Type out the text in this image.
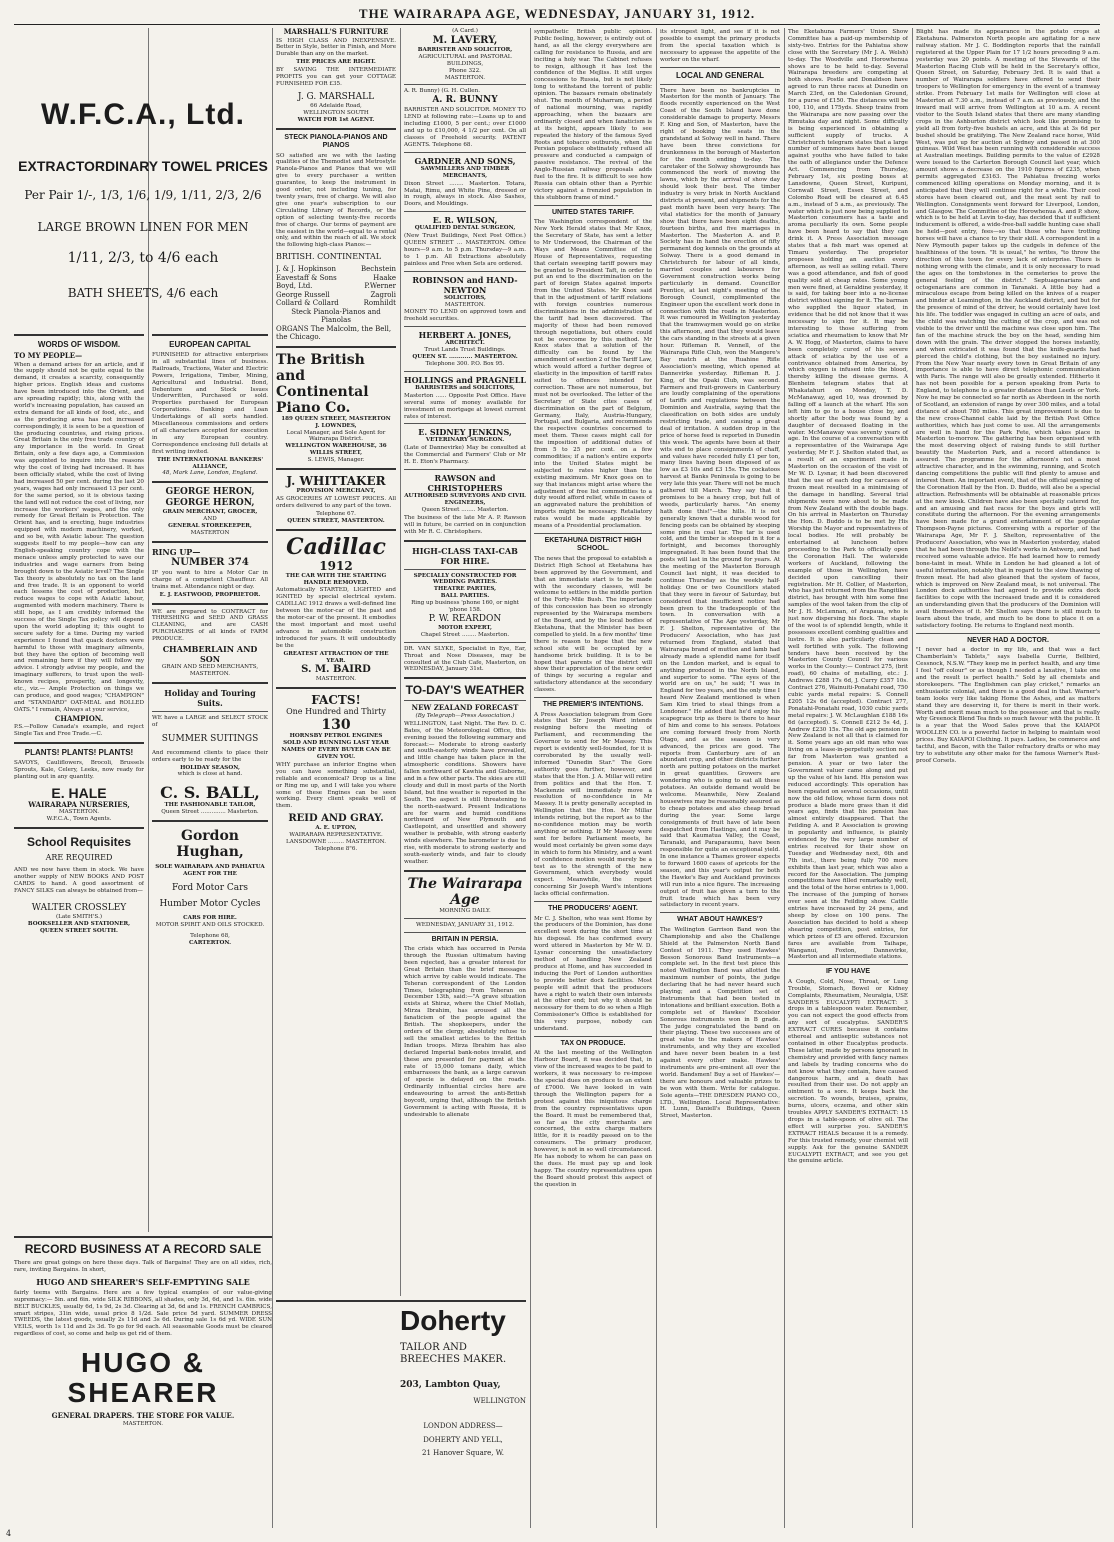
THE WAIRARAPA AGE, WEDNESDAY, JANUARY 31, 1912.
W.F.C.A., Ltd.
EXTRACTORDINARY TOWEL PRICES
Per Pair 1/-, 1/3, 1/6, 1/9, 1/11, 2/3, 2/6
LARGE BROWN LINEN FOR MEN
1/11, 2/3, to 4/6 each
BATH SHEETS, 4/6 each
WORDS OF WISDOM.
TO MY PEOPLE—
When a demand arises for an article, and if the supply should not be quite equal to the demand, it creates a scarcity, consequently higher prices. English ideas and customs have been introduced into the Orient, and are spreading rapidly; this, along with the world's increasing population, has caused an extra demand for all kinds of food, etc., and as the producing area has not increased correspondingly, it is seen to be a question of the producing countries, and rising prices. Great Britain is the only free trade country of any importance in the world. In Great Britain, only a few days ago, a Commission was appointed to inquire into the reasons why the cost of living had increased. It has been officially stated, while the cost of living had increased 50 per cent. during the last 20 years, wages had only increased 13 per cent. for the same period, so it is obvious taxing the land will not reduce the cost of living, nor increase the workers' wages, and the only remedy for Great Britain is Protection. The Orient has, and is erecting, huge industries equipped with modern machinery, worked, and so be, with Asiatic labour. The question suggests itself to my people—how can any English-speaking country cope with the menace unless amply protected to save our industries and wage earners from being brought down to the Asiatic level? The Single Tax theory is absolutely no tax on the land and free trade. It is an opponent to world each lessens the cost of production, but reduce wages to cope with Asiatic labour, augmented with modern machinery. There is still hope, as I am credibly informed the success of the Single Tax policy will depend upon the world adopting it; this ought to secure safety for a time. During my varied experience I found that quack doctors were harmful to those with imaginary ailments, but they have the option of becoming well and remaining here if they will follow my advice. I strongly advise my people, and the imaginary sufferers, to trust upon the well-known recipes, prosperity, and longevity, etc., viz.— Ample Protection on things we can produce, and good wages; "CHAMPION" and "STANDARD" OAT-MEAL and ROLLED OATS." I remain, Always at your service,
CHAMPION.
P.S.—Follow Canada's example, and reject Single Tax and Free Trade.—C.
PLANTS! PLANTS! PLANTS!
SAVOYS, Cauliflowers, Brocoli, Brussels Sprouts, Kale, Celery, Leeks, now ready for planting out in any quantity.
E. HALE
WAIRARAPA NURSERIES,
MASTERTON.
W.F.C.A., Town Agents.
School Requisites
ARE REQUIRED
AND we now have them in stock. We have another supply of NEW BOOKS AND POST CARDS to hand. A good assortment of FANCY SILKS can always be obtained from—
WALTER CROSSLEY
(Late SMITH'S.)
BOOKSELLER AND STATIONER,
QUEEN STREET SOUTH.
RECORD BUSINESS AT A RECORD SALE
There are great goings on here these days. Talk of Bargains! They are on all sides, rich, rare, inviting Bargains. In short,
HUGO AND SHEARER'S SELF-EMPTYING SALE
fairly teems with Bargains. Here are a few typical examples of our value-giving supremacy:— 5in. and 6in. wide SILK RIBBONS, all shades, only 3d, 6d, and 1s. 6in. wide BELT BUCKLES, usually 6d, 1s 9d, 2s 3d. Clearing at 3d, 6d and 1s. FRENCH CAMBRICS, smart stripes, 31in wide, usual price 8 1/2d. Sale price 5d yard. SUMMER DRESS TWEEDS, the latest goods, usually 2s 11d and 3s 6d. During sale 1s 6d yd. WIDE SUN VEILS, worth 1s 11d and 2s 3d. To go for 9d each. All seasonable Goods must be cleared regardless of cost, so come and help us get rid of them.
HUGO & SHEARER
GENERAL DRAPERS. THE STORE FOR VALUE.
MASTERTON.
EUROPEAN CAPITAL
FURNISHED for attractive enterprises in all substantial lines of business. Railroads, Tractions, Water and Electric Powers, Irrigations, Timber, Mining, Agricultural and Industrial. Bond, Debenture and Stock Issues Underwritten, Purchased or sold. Properties purchased for European Corporations. Banking and Loan Undertakings of all sorts handled. Miscellaneous commissions and orders of all characters accepted for execution in any European country. Correspondence enclosing full details at first writing invited.
THE INTERNATIONAL BANKERS' ALLIANCE,
48, Mark Lane, London, England.
GEORGE HERON,
GEORGE HERON,
GRAIN MERCHANT, GROCER,
AND
GENERAL STOREKEEPER,
MASTERTON
RING UP—
NUMBER 374
IF you want to hire a Motor Car in charge of a competent Chauffeur. All trains met. Attendance night or day.
E. J. EASTWOOD, PROPRIETOR.
WE are prepared to CONTRACT for THRESHING and SEED AND GRASS CLEANING, and are CASH PURCHASERS of all kinds of FARM PRODUCE.
CHAMBERLAIN AND SON
GRAIN AND SEED MERCHANTS, MASTERTON.
Holiday and Touring Suits.
WE have a LARGE and SELECT STOCK of
SUMMER SUITINGS
And recommend clients to place their orders early to be ready for the
HOLIDAY SEASON,
which is close at hand.
C. S. BALL,
THE FASHIONABLE TAILOR,
Queen Street .............. Masterton.
Gordon Hughan,
SOLE WAIRARAPA AND PAHIATUA AGENT FOR THE
Ford Motor Cars
Humber Motor Cycles
CARS FOR HIRE.
MOTOR SPIRIT AND OILS STOCKED.
Telephone 68,
CARTERTON.
MARSHALL'S FURNITURE
IS HIGH CLASS AND INEXPENSIVE. Better in Style, better in Finish, and More Durable than any on the market.
THE PRICES ARE RIGHT.
BY SAVING THE INTERMEDIATE PROFITS you can get your COTTAGE FURNISHED FOR £35.
J. G. MARSHALL
66 Adelaide Road,
WELLINGTON SOUTH
WATCH FOR 1st AGENT.
STECK PIANOLA-PIANOS AND PIANOS
SO satisfied are we with the lasting qualities of the Themodist and Metrostyle Pianola-Pianos and Pianos that we will give to every purchaser a written guarantee, to keep the instrument in good order, not including tuning, for twenty years, free of charge. We will also give one year's subscription to our Circulating Library of Records, or the option of selecting twenty-five records free of charge. Our terms of payment are the easiest in the world—equal to a rental only, and within the reach of all. We stock the following high-class Pianos:—
BRITISH. CONTINENTAL
J. & J. Hopkinson	Bechstein
Eavestaff & Sons	Haake
Boyd, Ltd.	P.Werner
George Russell	Zagroli
Collard & Collard	Romhildt
Steck Pianola-Pianos and Pianolas
ORGANS The Malcolm, the Bell, the Chicago.
The British and Continental Piano Co.
189 QUEEN STREET, MASTERTON
J. LOWNDES,
Local Manager, and Sole Agent for Wairarapa District.
WELLINGTON WAREHOUSE, 36 WILLIS STREET,
S. LEWIS, Manager.
J. WHITTAKER
PROVISION MERCHANT,
AS GROCERIES AT LOWEST PRICES. All orders delivered to any part of the town.
Telephone 67.
QUEEN STREET, MASTERTON.
Cadillac
1912
THE CAR WITH THE STARTING HANDLE REMOVED.
Automatically STARTED, LIGHTED and IGNITED by special electrical system. CADILLAC 1912 draws a well-defined line between the motor-car of the past and the motor-car of the present. It embodies the most important and most useful advance in automobile construction introduced for years. It will undoubtedly be the
GREATEST ATTRACTION OF THE YEAR.
S. M. BAIRD
MASTERTON.
FACTS!
One Hundred and Thirty
130
HORNSBY PETROL ENGINES
SOLD AND RUNNING LAST YEAR
NAMES OF EVERY BUYER CAN BE GIVEN YOU.
WHY purchase an inferior Engine when you can have something substantial, reliable and economical? Drop us a line or Ring me up, and I will take you where some of these Engines can be seen working. Every client speaks well of them.
REID AND GRAY.
A. E. UPTON,
WAIRARAPA REPRESENTATIVE.
LANSDOWNE ......... MASTERTON.
Telephone 8"6.
(A Card.)
M. LAVERY,
BARRISTER AND SOLICITOR,
AGRICULTURAL and PASTORAL BUILDINGS,
Phone 322.
MASTERTON.
A. R. Bunny) (G. H. Cullen.
A. R. BUNNY
BARRISTER AND SOLICITOR. MONEY TO LEND at following rate:—Loans up to and including £1000, 5 per cent.; over £1000 and up to £10,000, 4 1/2 per cent. On all classes of Freehold security. PATENT AGENTS. Telephone 68.
GARDNER AND SONS,
SAWMILLERS AND TIMBER MERCHANTS,
Dixon Street ........ Masterton. Totara, Matai, Rimu, and White Pine, dressed or in rough, always in stock. Also Sashes, Doors, and Mouldings.
E. R. WILSON,
QUALIFIED DENTAL SURGEON,
(New Trust Buildings, Next Post Office.) QUEEN STREET ... MASTERTON. Office hours—9 a.m. to 5 p.m. Thursday—9 a.m. to 1 p.m. All Extractions absolutely painless and Free when Sets are ordered.
ROBINSON and HAND-NEWTON
SOLICITORS,
MASTERTON.
MONEY TO LEND on approved town and freehold securities.
HERBERT A. JONES,
ARCHITECT.
Trust Lands Trust Buildings.
QUEEN ST. ............ MASTERTON.
Telephone 300. P.O. Box 95.
HOLLINGS and PRAGNELL
BARRISTERS and SOLICITORS,
Masterton ...... Opposite Post Office. Have several sums of money available for investment on mortgage at lowest current rates of interest.
E. SIDNEY JENKINS,
VETERINARY SURGEON.
(Late of Dannevirke) May be consulted at the Commercial and Farmers' Club or Mr H. E. Eton's Pharmacy.
RAWSON and CHRISTOPHERS
AUTHORISED SURVEYORS AND CIVIL ENGINEERS,
Queen Street ........ Masterton.
The business of the late Mr A. P. Rawson will in future, be carried on in conjunction with Mr R. C. Christophers.
HIGH-CLASS TAXI-CAB FOR HIRE.
SPECIALLY CONSTRUCTED FOR WEDDING PARTIES.
THEATRE PARTIES,
BALL PARTIES.
Ring up business 'phone 160, or night 'phone 158.
P. W. REARDON
MOTOR EXPERT,
Chapel Street ........ Masterton.
DR. VAN SLYKE, Specialist in Eye, Ear, Throat and Nose Diseases, may be consulted at the Club Cafe, Masterton, on WEDNESDAY, January 31st.
TO-DAY'S WEATHER
NEW ZEALAND FORECAST
(By Telegraph—Press Association.)
WELLINGTON, Last Night. The Rev. D. C. Bates, of the Meteorological Office, this evening issued the following summary and forecast:— Moderate to strong easterly and south-easterly winds have prevailed, and little change has taken place in the atmospheric conditions. Showers have fallen northward of Kawhia and Gisborne, and in a few other parts. The skies are still cloudy and dull in most parts of the North Island, but fine weather is reported in the South. The aspect is still threatening to the north-eastward. Present Indications are for warm and humid conditions northward of New Plymouth and Castlepoint, and unsettled and showery weather is probable, with strong easterly winds elsewhere. The barometer is due to rise, with moderate to strong easterly and south-easterly winds, and fair to cloudy weather.
The Wairarapa Age
MORNING DAILY.
WEDNESDAY, JANUARY 31, 1912.
BRITAIN IN PERSIA.
The crisis which has occurred in Persia through the Russian ultimatum having been rejected, has a greater interest for Great Britain than the brief messages which arrive by cable would indicate. The Teheran correspondent of the London Times, telegraphing from Teheran on December 13th, said:—"A grave situation exists at Shiraz, where the Chief Mollah, Mirza Ibrahim, has aroused all the fanaticism of the people against the British. The shopkeepers, under the orders of the clergy, absolutely refuse to sell the smallest articles to the British Indian troops. Mirza Ibrahim has also declared Imperial bank-notes invalid, and these are presented for payment at the rate of 15,000 tomans daily, which embarrasses the bank, as a large caravan of specie is delayed on the roads. Ordinarily influential circles here are endeavouring to arrest the anti-British boycott, urging that, although the British Government is acting with Russia, it is undesirable to alienate
sympathetic British public opinion. Public feeling, however, is entirely out of hand, as all the clergy everywhere are calling for resistance to Russia, and are inciting a holy war. The Cabinet refuses to resign, although it has lost the confidence of the Mejliss. It still urges concessions to Russia, but is not likely long to withstand the torrent of public opinion. The bazaars remain obstinately shut. The month of Muharram, a period of national mourning, was rapidly approaching, when the bazaars are ordinarily closed and when fanaticism is at its height, appears likely to see repeated the history of the famous Syed Roots and tobacco outbursts, when the Persian populace obstinately refused all pressure and conducted a campaign of passive resistance. The revival of the Anglo-Russian railway proposals adds fuel to the fire. It is difficult to see how Russia can obtain other than a Pyrrhic victory against a frenzied population in this stubborn frame of mind."
UNITED STATES TARIFF.
The Washington correspondent of the New York Herald states that Mr Knox, the Secretary of State, has sent a letter to Mr Underwood, the Chairman of the Ways and Means Committee of the House of Representatives, requesting that certain sweeping tariff powers may be granted to President Taft, in order to put an end to the discrimination on the part of foreign States against imports from the United States. Mr Knox said that in the adjustment of tariff relations with foreign countries numerous discriminations in the administration of the tariff had been discovered. The majority of these had been removed through negotiations, but others could not be overcome by this method. Mr Knox states that a solution of the difficulty can be found by the amendment of section 2 of the Tariff Law, which would afford a further degree of elasticity in the imposition of tariff rates suited to offences intended for correction. These are not numerous, but must not be overlooked. The letter of the Secretary of State cites cases of discrimination on the part of Belgium, Germany, Italy, Austria-Hungary, Portugal, and Bulgaria, and recommends the respective countries concerned to meet them. These cases might call for the imposition of additional duties of from 5 to 25 per cent. on a few commodities; if a nation's entire exports into the United States might be subjected to rates higher than the existing maximum. Mr Knox goes on to say that instances might arise where the adjustment of free list commodities to a duty would afford relief, while in cases of an aggravated nature the prohibition of imports might be necessary. Retaliatory rates would be made applicable by means of a Presidential proclamation.
EKETAHUNA DISTRICT HIGH SCHOOL.
The news that the proposal to establish a District High School at Eketahuna has been approved by the Government, and that an immediate start is to be made with the secondary classes, will be welcome to settlers in the middle portion of the Forty-Mile Bush. The importance of this concession has been so strongly represented by the Wairarapa members of the Board, and by the local bodies of Eketahuna, that the Minister has been compelled to yield. In a few months' time there is reason to hope that the new school site will be occupied by a handsome brick building. It is to be hoped that parents of the district will show their appreciation of the new order of things by securing a regular and satisfactory attendance at the secondary classes.
THE PREMIER'S INTENTIONS.
A Press Association telegram from Gore states that Sir Joseph Ward intends resigning before the meeting of Parliament, and recommending the Governor to send for Mr Massey. This report is evidently well-founded, for it is corroborated by the usually well-informed "Dunedin Star." The Gore authority goes further, however, and states that the Hon. J. A. Millar will retire from politics and that the Hon. T. Mackenzie will immediately move a resolution of no-confidence in Mr Massey. It is pretty generally accepted in Wellington that the Hon. Mr Millar intends retiring, but the report as to the no-confidence motion may be worth anything or nothing. If Mr Massey were sent for before Parliament meets, he would most certainly be given some days in which to form his Ministry, and a want of confidence motion would merely be a test as to the strength of the new Government, which everybody would expect. Meanwhile, the report concerning Sir Joseph Ward's intentions lacks official confirmation.
THE PRODUCERS' AGENT.
Mr C. J. Shelton, who was sent Home by the producers of the Dominion, has done excellent work during the short time at his disposal. He has confirmed every word uttered in Masterton by Mr W. D. Lysnar concerning the unsatisfactory method of handling New Zealand produce at Home, and has succeeded in inducing the Port of London authorities to provide better dock facilities. Most people will admit that the producers have a right to watch their own interests at the other end; but why it should be necessary for them to do so when a High Commissioner's Office is established for this very purpose, nobody can understand.
TAX ON PRODUCE.
At the last meeting of the Wellington Harbour Board, it was decided that, in view of the increased wages to be paid to workers, it was necessary to re-impose the special dues on produce to an extent of £7000. We have looked in vain through the Wellington papers for a protest against this iniquitous charge from the country representatives upon the Board. It must be remembered that, so far as the city merchants are concerned, the extra charge matters little, for it is readily passed on to the consumers. The primary producer, however, is not in so well circumstanced. He has nobody to whom he can pass on the dues. He must pay up and look happy. The country representatives upon the Board should protest this aspect of the question in
its strongest light, and see if it is not possible to exempt the primary products from the special taxation which is necessary to appease the appetite of the worker on the wharf.
LOCAL AND GENERAL
There have been no bankruptcies in Masterton for the month of January. The floods recently experienced on the West Coast of the South Island have done considerable damage to property. Messrs F. King and Son, of Masterton, have the right of booking the seats in the grandstand at Solway well in hand. There have been three convictions for drunkenness in the borough of Masterton for the month ending to-day. The caretaker of the Solway showgrounds has commenced the work of mowing the lawns, which by the arrival of show day should look their best. The timber industry is very brisk in North Auckland districts at present, and shipments for the past month have been very heavy. The vital statistics for the month of January show that there have been eight deaths, fourteen births, and five marriages in Masterton. The Masterton A. and P. Society has in hand the erection of fifty permanent dog kennels on the grounds at Solway. There is a good demand in Christchurch for labour of all kinds, married couples and labourers for Government construction works being particularly in demand. Councillor Prentice, at last night's meeting of the Borough Council, complimented the Engineer upon the excellent work done in connection with the roads in Masterton. It was rumoured in Wellington yesterday that the tramwaymen would go on strike this afternoon, and that they would leave the cars standing in the streets at a given hour. Rifleman R. Vennell, of the Wairarapa Rifle Club, won the Mangere's Bay match at the Ruahine Rifle Association's meeting, which opened at Dannevirke yesterday. Rifleman R. J. King, of the Opaki Club, was second. Farmers and fruit-growers in Canterbury are loudly complaining of the operations of tariffs and regulations between the Dominion and Australia, saying that the classification on both sides are unduly restricting trade, and causing a great deal of irritation. A sudden drop in the price of horse feed is reported in Dunedin this week. The agents have been at their wits end to place consignments of chaff, and values have receded fully £1 per ton, many lines having been disposed of as low as £3 10s and £3 15s. The cockatoos harvest at Banks Peninsula is going to be very late this year. There will not be much gathered till March. They say that it promises to be a heavy crop, but full of weeds, particularly hares. "An enemy hath done this!"—the hills. It is not generally known that a durable wood for fencing posts can be obtained by steeping some pine in coal tar. The tar is used cold, and the timber is steeped in it for a fortnight, and becomes thoroughly impregnated. It has been found that the posts will last in the ground for years. At the meeting of the Masterton Borough Council last night, it was decided to continue Thursday as the weekly half-holiday. One or two Councillors stated that they were in favour of Saturday, but considered that insufficient notice had been given to the tradespeople of the town. In conversation with a representative of The Age yesterday, Mr F. J. Shelton, representative of the Producers' Association, who has just returned from England, stated that Wairarapa brand of mutton and lamb had already made a splendid name for itself on the London market, and is equal to anything produced in the North Island, and superior to some. "The eyes of the world are on us," he said; "I was in England for two years, and the only time I heard New Zealand mentioned is when Sam Kim tried to steal things from a Londoner." He added that he'd enjoy his scapegrace trip as there is there to hear of him and come to his senses. Potatoes are coming forward freely from North Otago, and as the season is very advanced, the prices are good. The reports from Canterbury are of an abundant crop, and other districts further north are putting potatoes on the market in great quantities. Growers are wondering who is going to eat all these potatoes. An outside demand would be welcome. Meanwhile, New Zealand housewives may be reasonably assured as to cheap potatoes and also cheap bread during the year. Some large consignments of fruit have of late been despatched from Hastings, and it may be said that Kaumatua Valley, the Coast, Taranaki, and Paraparaumu, have been responsible for quite an exceptional yield. In one instance a Thames grower expects to forward 1600 cases of apricots for the season, and this year's output for both the Hawke's Bay and Auckland provinces will run into a nice figure. The increasing output of fruit has given a turn to the fruit trade which has been very satisfactory in recent years.
WHAT ABOUT HAWKES'?
The Wellington Garrison Band won the Championship and also the Challenge Shield at the Palmerston North Band Contest of 1911. They used Hawkes' Besson Sonorous Band Instruments—a complete set. In the first test piece this noted Wellington Band was allotted the maximum number of points, the judge declaring that he had never heard such playing; and a Competition set of Instruments that had been tested in intonations and brilliant execution. Both a complete set of Hawkes' Excelsior Sonorous instruments won in B grade. The judge congratulated the band on their playing. These two successes are of great value to the makers of Hawkes' instruments, and why they are excelled and have never been beaten in a test against every other make. Hawkes' instruments are pre-eminent all over the world. Bandsmen! Buy a set of Hawkes'—there are honours and valuable prizes to be won with them. Write for catalogue. Sole agents—THE DRESDEN PIANO CO., LTD., Wellington. Local Representative: H. Lunn, Daniell's Buildings, Queen Street, Masterton.
The Eketahuna Farmers' Union Show Committee has a paid-up membership of sixty-two. Entries for the Pahiatua show close with the Secretary (Mr J. A. Welsh) to-day. The Woodville and Horowhenua shows are to be held to-day. Several Wairarapa breeders are competing at both shows. Postle and Donaldson have agreed to run three races at Dunedin on March 23rd, on the Caledonian Ground, for a purse of £150. The distances will be 100, 110, and 175yds. Sheep trains from the Wairarapa are now passing over the Rimutaka day and night. Some difficulty is being experienced in obtaining a sufficient supply of trucks. A Christchurch telegram states that a large number of summonses have been issued against youths who have failed to take the oath of allegiance under the Defence Act. Commencing from Thursday, February 1st, six posting boxes at Lansdowne, Queen Street, Kuripuni, Cornwall Street, Essex Street, and Colombo Road will be cleared at 6.45 a.m., instead of 5 a.m., as previously. The water which is just now being supplied to Masterton consumers has a taste and aroma peculiarly its own. Some people have been heard to say that they can drink it. A Press Association message states that a fish mart was opened at Timaru yesterday. The proprietor proposes holding an auction every afternoon, as well as selling retail. There was a good attendance, and fish of good quality sold at cheap rates. Some young men were fined, at Geraldine yesterday, it is said, for taking beer into a no-license district without signing for it. The barman who supplied the liquor stated, in evidence that he did not know that it was necessary to sign for it. It may be interesting to those suffering from sciatica and rheumatism to know that Mr A. W. Hogg, of Masterton, claims to have been completely cured of his severe attack of sciatica by the use of a contrivance obtained from America, by which oxygen is infused into the blood, thereby killing the disease germs. A Blenheim telegram states that at Whakatahuri on Monday, T. D. McManaway, aged 10, was drowned by falling off a launch at the wharf. His son left him to go to a house close by, and shortly after the body was found by a daughter of deceased floating in the water. McManaway was seventy years of age. In the course of a conversation with a representative of the Wairarapa Age yesterday, Mr F. J. Shelton stated that, as a result of an experiment made in Masterton on the occasion of the visit of Mr W. D. Lysnar, it had been discovered that the use of each dog for carcases of frozen meat resulted in a minimising of the damage in handling. Several trial shipments were now about to be made from New Zealand with the double bags. On his arrival in Masterton on Thursday the Hon. D. Buddo is to be met by His Worship the Mayor and representatives of local bodies. He will probably be entertained at luncheon before proceeding to the Park to officially open the Coronation Hall. The waterside workers of Auckland, following the example of those in Wellington, have decided upon cancelling their registration. Mr H. Collier, of Masterton, who has just returned from the Rangitikei district, has brought with him some fine samples of the wool taken from the clip of Mr J. H. McLennan, of Arapaua, who is just now dispersing his flock. The staple of the wool is of splendid length, while it possesses excellent combing qualities and lustre. It is also particularly clean and well fortified with yolk. The following tenders have been received by the Masterton County Council for various works in the County:— Contract 275, (brit road), 60 chains of metalling, etc.: J. Andrews £288 17s 6d, J. Curry £357 10s. Contract 276, Wainuiti-Ponatahi road, 750 cubic yards metal repairs: S. Connell £205 12s 6d (accepted). Contract 277, Ponatahi-Ponatahi road, 1030 cubic yards metal repairs: J. W. McLaughlan £188 16s 6d (accepted). S. Connell £212 5s 4d, J. Andrew £230 15s. The old age pension in New Zealand is not all that is claimed for it. Some years ago an old man who was living on a lease-in-perpetuity section not far from Masterton was granted a pension. A year or two later the Government valuer came along and put up the value of his land. His pension was reduced accordingly. This operation has been repeated on several occasions, until now the old fellow, whose farm does not produce a blade more grass than it did years ago, finds that his pension has almost entirely disappeared. That the Feilding A. and P. Association is growing in popularity and influence, is plainly evidenced by the very large number of entries received for their show on Tuesday and Wednesday next, 6th and 7th inst., there being fully 700 more exhibits than last year, which was also a record for the Association. The jumping competitions have filled remarkably well, and the total of the horse entries is 1,000. The increase of the jumping of horses over seen at the Feilding show. Cattle entries have increased by 24 pens, and sheep by close on 100 pens. The Association has decided to hold a sheep shearing competition, post entries, for which prizes of £5 are offered. Excursion fares are available from Taihape, Wanganui, Foxton, Dannevirke, Masterton and all intermediate stations.
IF YOU HAVE
A Cough, Cold, Nose, Throat, or Lung Trouble, Stomach, Bowel or Kidney Complaints, Rheumatism, Neuralgia, USE SANDER'S EUCALYPTI EXTRACT: 3 drops in a tablespoon water. Remember, you can not expect the good effects from any sort of eucalyptus. SANDER'S EXTRACT CURES because it contains ethereal and antiseptic substances not contained in other Eucalyptus products. These latter, made by persons ignorant in chemistry and provided with fancy names and labels by trading concerns who do not know what they contain, have caused dangerous harm, and a death has resulted from their use. Do not apply an ointment to a sore. It keeps back the secretion. To wounds, bruises, sprains, burns, ulcers, eczema, and other skin troubles APPLY SANDER'S EXTRACT: 15 drops in a table-spoon of olive oil. The effect will surprise you. SANDER'S EXTRACT HEALS because it is a remedy. For this trusted remedy, your chemist will supply. Ask for the genuine SANDER EUCALYPTI EXTRACT, and see you get the genuine article.
Blight has made its appearance in the potato crops at Eketahuna. Palmerston North people are agitating for a new railway station. Mr J. C. Boddington reports that the rainfall registered at the Upper Plain for 17 1/2 hours preceding 9 a.m. yesterday was 20 points. A meeting of the Stewards of the Masterton Racing Club will be held in the Secretary's office, Queen Street, on Saturday, February 3rd. It is said that a number of Wairarapa soldiers have offered to send their troopers to Wellington for emergency in the event of a tramway strike. From February 1st mails for Wellington will close at Masterton at 7.30 a.m., instead of 7 a.m. as previously, and the inward mail will arrive from Wellington at 10 a.m. A recent visitor to the South Island states that there are many standing crops in the Ashburton district which look like promising to yield all from forty-five bushels an acre, and this at 3s 6d per bushel should be gratifying. The New Zealand race horse, Wild West, was put up for auction at Sydney and passed in at 300 guineas. Wild West has been running with considerable success at Australian meetings. Building permits to the value of £2928 were issued to the Carterton Borough Council last year, which amount shows a decrease on the 1910 figures of £235, when permits aggregated £3163. The Pahiatua freezing works commenced killing operations on Monday morning, and it is anticipated that they will continue right for a while. Their cool stores have been cleared out, and the meat sent by rail to Wellington. Consignments went forward for Liverpool, London, and Glasgow. The Committee of the Horowhenua A. and P. show, which is to be held at Levin to-day, has decided that if sufficient inducement is offered, a wide-free-ball saddle hunting case shall be held—post entry, fees—so that those who have trotting horses will have a chance to try their skill. A correspondent in a New Plymouth paper takes up the cudgels in defence of the healthiness of the town. "It is usual," he writes, "to throw the direction of this town for every lack of enterprise. There is nothing wrong with the climate, and it is only necessary to read the ages on the tombstones in the cemeteries to prove the general feeling of the district." Septuagenarians and octogenarians are common in Taranaki. A little boy had a miraculous escape from being killed on the knives of a reaper and binder at Leamington, in the Auckland district, and but for the presence of mind of the driver, he would certainly have lost his life. The toddler was engaged in cutting an acre of oats, and the child was watching the cutting of the crop, and was not visible to the driver until the machine was close upon him. The fan of the machine struck the boy on the head, sending him down with the grain. The driver stopped the horses instantly, and when extricated it was found that the knife-guards had pierced the child's clothing, but the boy sustained no injury. From the New Year nearly every town in Great Britain of any importance is able to have direct telephonic communication with Paris. The range will also be greatly extended. Hitherto it has not been possible for a person speaking from Paris to England, to telephone to a greater distance than Leeds or York. Now he may be connected so far north as Aberdeen in the north of Scotland, an extension of range by over 300 miles, and a total distance of about 780 miles. This great improvement is due to the new cross-Channel cable laid by the British Post Office authorities, which has just come to use. All the arrangements are well in hand for the Park Fete, which takes place in Masterton to-morrow. The gathering has been organised with the most deserving object of raising funds to still further beautify the Masterton Park, and a record attendance is assured. The programme for the afternoon's not a most attractive character, and in the swimming, running, and Scotch dancing competitions the public will find plenty to amuse and interest them. An important event, that of the official opening of the Coronation Hall by the Hon. D. Buddo, will also be a special attraction. Refreshments will be obtainable at reasonable prices at the new kiosk. Children have also been specially catered for, and an amusing and fast races for the boys and girls will constitute during the afternoon. For the evening arrangements have been made for a grand entertainment of the popular Thompson-Payne pictures. Conversing with a reporter of the Wairarapa Age, Mr F. J. Shelton, representative of the Producers' Association, who was in Masterton yesterday, stated that he had been through the Neild's works in Antwerp, and had received some valuable advice. He had learned how to remedy bone-taint in meat. While in London he had gleaned a lot of useful information, notably that in regard to the slow thawing of frozen meat. He had also gleaned that the system of faces, which is improved on New Zealand meat, is not universal. The London dock authorities had agreed to provide extra dock facilities to cope with the increased trade and it is considered an understanding given that the producers of the Dominion will avail themselves of it. Mr Shelton says there is still much to learn about the trade, and much to be done to place it on a satisfactory footing. He returns to England next month.
NEVER HAD A DOCTOR.
"I never had a doctor in my life, and that was a fact Chamberlain's Tablets," says Isabella Currie, Bellbird, Cessnock, N.S.W. "They keep me in perfect health, and any time I feel "off colour" or as though I needed a laxative, I take one and the result is perfect health." Sold by all chemists and storekeepers. "The Englishmen can play cricket," remarks an enthusiastic colonial, and there is a good deal in that. Warner's team looks very like taking Home the Ashes, and as matters stand they are deserving it, for there is merit in their work. Worth and merit mean much to the possessor, and that is really why Greenock Blend Tea finds so much favour with the public. It is a year that the Wood Sales prove that the KAIAPOI WOOLLEN CO. is a powerful factor in helping to maintain wool prices. Buy KAIAPOI Clothing. It pays. Ladies, be commerce and tactful, and Bacon, with the Tailor refractory drafts or who may try to substitute any other make for the famous Warner's Rust-proof Corsets.
Doherty
TAILOR AND BREECHES MAKER.
203, Lambton Quay,
WELLINGTON
LONDON ADDRESS—
DOHERTY AND YELL,
21 Hanover Square, W.
4
